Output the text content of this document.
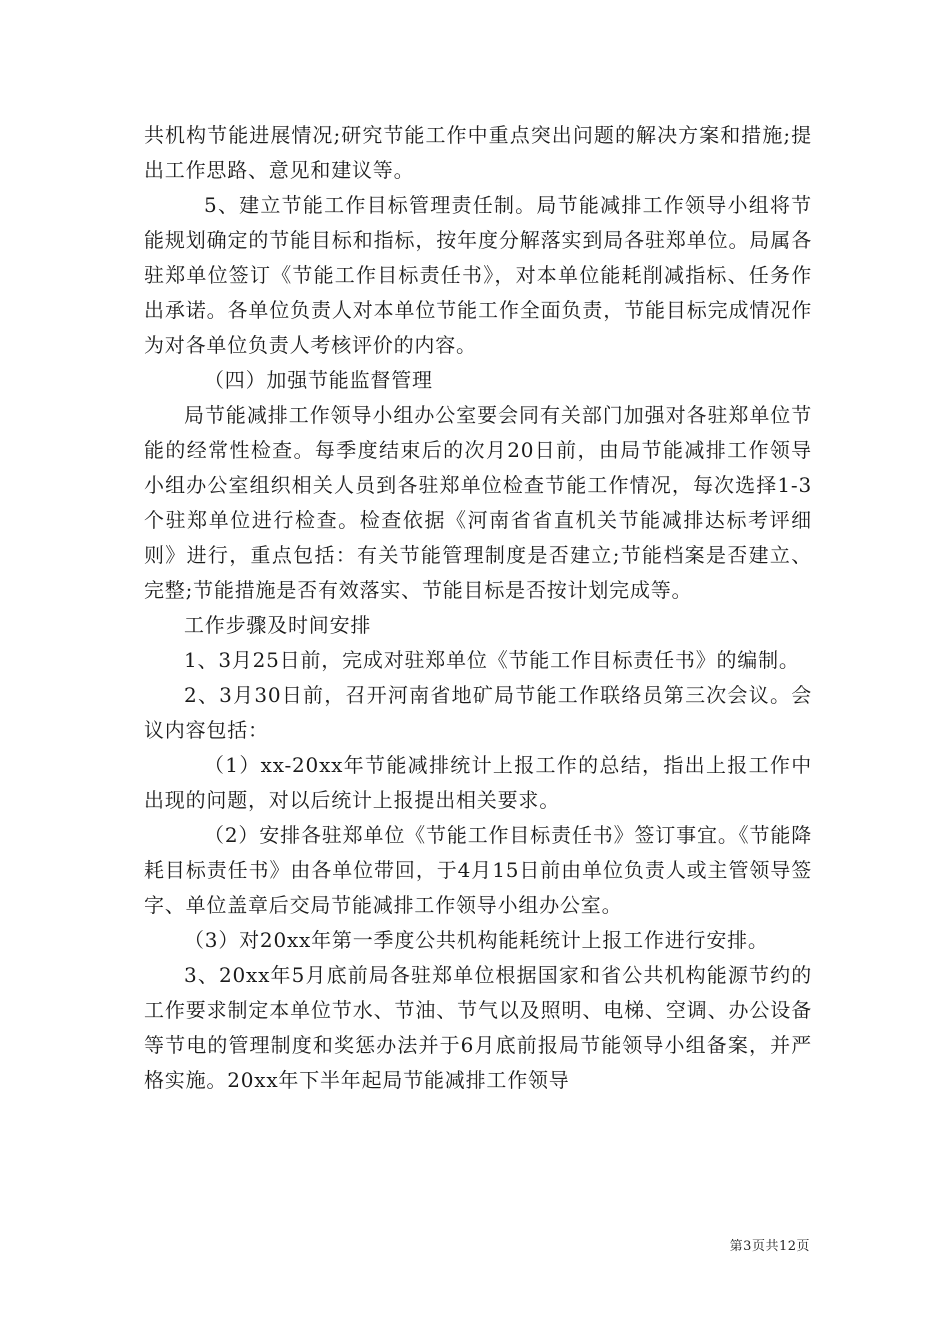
共机构节能进展情况;研究节能工作中重点突出问题的解决方案和措施;提出工作思路、意见和建议等。

5、建立节能工作目标管理责任制。局节能减排工作领导小组将节能规划确定的节能目标和指标，按年度分解落实到局各驻郑单位。局属各驻郑单位签订《节能工作目标责任书》，对本单位能耗削减指标、任务作出承诺。各单位负责人对本单位节能工作全面负责，节能目标完成情况作为对各单位负责人考核评价的内容。

（四）加强节能监督管理

局节能减排工作领导小组办公室要会同有关部门加强对各驻郑单位节能的经常性检查。每季度结束后的次月20日前，由局节能减排工作领导小组办公室组织相关人员到各驻郑单位检查节能工作情况，每次选择1-3个驻郑单位进行检查。检查依据《河南省省直机关节能减排达标考评细则》进行，重点包括：有关节能管理制度是否建立;节能档案是否建立、完整;节能措施是否有效落实、节能目标是否按计划完成等。

工作步骤及时间安排

1、3月25日前，完成对驻郑单位《节能工作目标责任书》的编制。

2、3月30日前，召开河南省地矿局节能工作联络员第三次会议。会议内容包括：

（1）xx-20xx年节能减排统计上报工作的总结，指出上报工作中出现的问题，对以后统计上报提出相关要求。

（2）安排各驻郑单位《节能工作目标责任书》签订事宜。《节能降耗目标责任书》由各单位带回，于4月15日前由单位负责人或主管领导签字、单位盖章后交局节能减排工作领导小组办公室。

（3）对20xx年第一季度公共机构能耗统计上报工作进行安排。

3、20xx年5月底前局各驻郑单位根据国家和省公共机构能源节约的工作要求制定本单位节水、节油、节气以及照明、电梯、空调、办公设备等节电的管理制度和奖惩办法并于6月底前报局节能领导小组备案，并严格实施。20xx年下半年起局节能减排工作领导

第3页共12页
